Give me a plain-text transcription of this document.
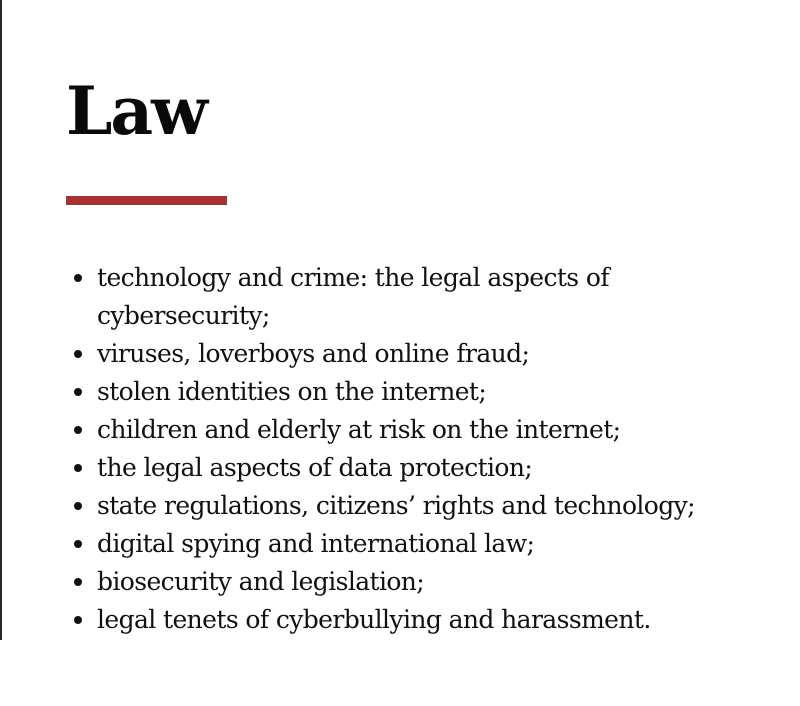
Law
technology and crime: the legal aspects of cybersecurity;
viruses, loverboys and online fraud;
stolen identities on the internet;
children and elderly at risk on the internet;
the legal aspects of data protection;
state regulations, citizens’ rights and technology;
digital spying and international law;
biosecurity and legislation;
legal tenets of cyberbullying and harassment.
